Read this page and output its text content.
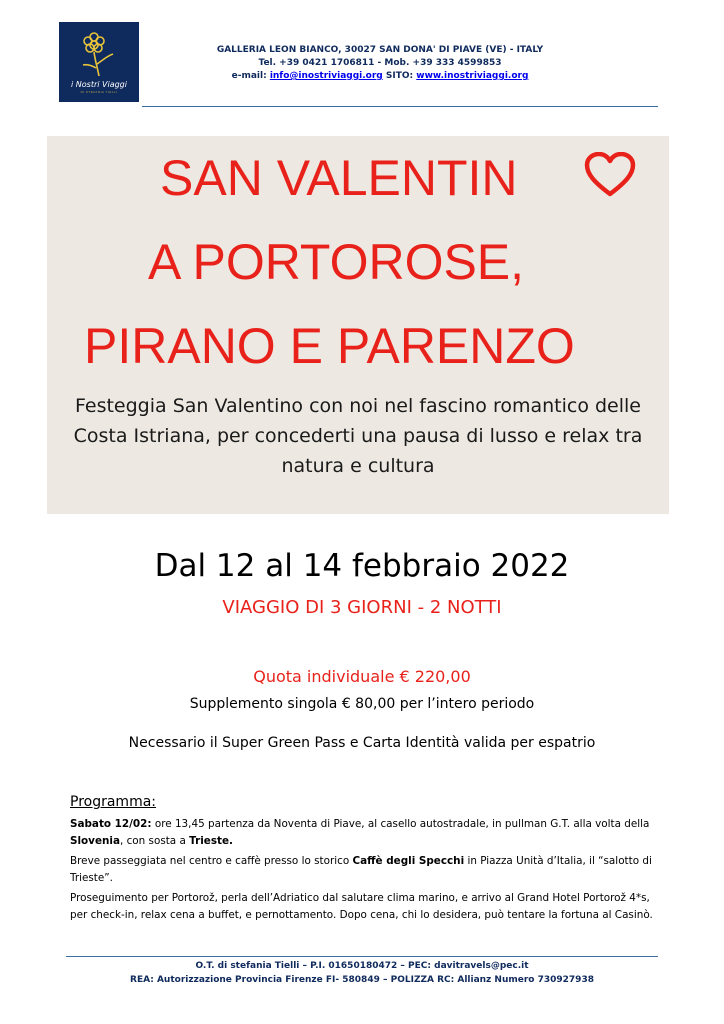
i Nostri Viaggi
DI STEFANIA TIELLI
GALLERIA LEON BIANCO, 30027 SAN DONA' DI PIAVE (VE) - ITALY
Tel. +39 0421 1706811 - Mob. +39 333 4599853
e-mail: info@inostriviaggi.org SITO: www.inostriviaggi.org
SAN VALENTIN
A PORTOROSE,
PIRANO E PARENZO
Festeggia San Valentino con noi nel fascino romantico delle Costa Istriana, per concederti una pausa di lusso e relax tra natura e cultura
Dal 12 al 14 febbraio 2022
VIAGGIO DI 3 GIORNI - 2 NOTTI
Quota individuale € 220,00
Supplemento singola € 80,00 per l’intero periodo
Necessario il Super Green Pass e Carta Identità valida per espatrio
Programma:

Sabato 12/02: ore 13,45 partenza da Noventa di Piave, al casello autostradale, in pullman G.T. alla volta della Slovenia, con sosta a Trieste.

Breve passeggiata nel centro e caffè presso lo storico Caffè degli Specchi in Piazza Unità d’Italia, il “salotto di Trieste”.

Proseguimento per Portorož, perla dell’Adriatico dal salutare clima marino, e arrivo al Grand Hotel Portorož 4*s, per check-in, relax cena a buffet, e pernottamento. Dopo cena, chi lo desidera, può tentare la fortuna al Casinò.

O.T. di stefania Tielli – P.I. 01650180472 – PEC: davitravels@pec.it
REA: Autorizzazione Provincia Firenze FI- 580849 – POLIZZA RC: Allianz Numero 730927938
